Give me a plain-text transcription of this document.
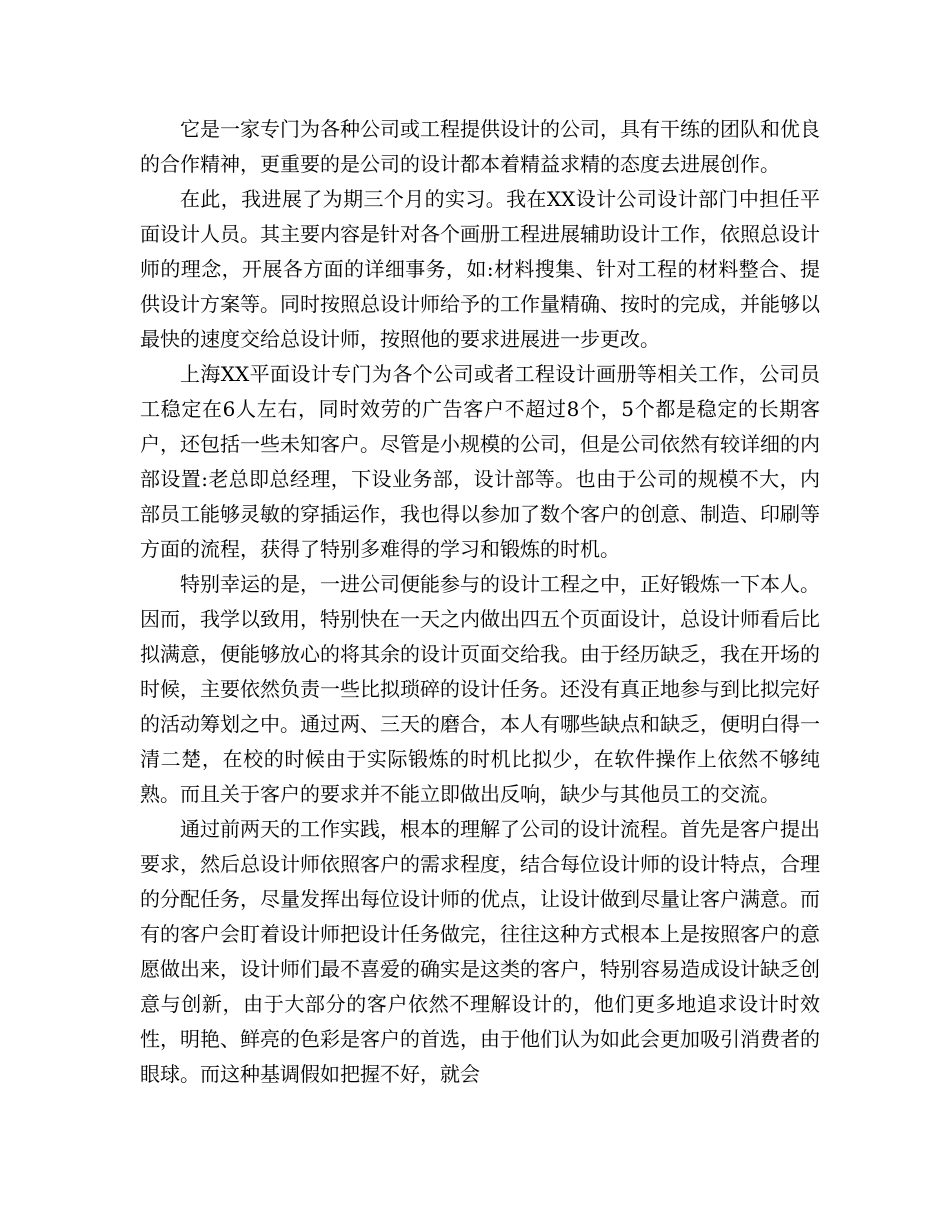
它是一家专门为各种公司或工程提供设计的公司，具有干练的团队和优良的合作精神，更重要的是公司的设计都本着精益求精的态度去进展创作。

在此，我进展了为期三个月的实习。我在XX设计公司设计部门中担任平面设计人员。其主要内容是针对各个画册工程进展辅助设计工作，依照总设计师的理念，开展各方面的详细事务，如:材料搜集、针对工程的材料整合、提供设计方案等。同时按照总设计师给予的工作量精确、按时的完成，并能够以最快的速度交给总设计师，按照他的要求进展进一步更改。

上海XX平面设计专门为各个公司或者工程设计画册等相关工作，公司员工稳定在6人左右，同时效劳的广告客户不超过8个，5个都是稳定的长期客户，还包括一些未知客户。尽管是小规模的公司，但是公司依然有较详细的内部设置:老总即总经理，下设业务部，设计部等。也由于公司的规模不大，内部员工能够灵敏的穿插运作，我也得以参加了数个客户的创意、制造、印刷等方面的流程，获得了特别多难得的学习和锻炼的时机。

特别幸运的是，一进公司便能参与的设计工程之中，正好锻炼一下本人。因而，我学以致用，特别快在一天之内做出四五个页面设计，总设计师看后比拟满意，便能够放心的将其余的设计页面交给我。由于经历缺乏，我在开场的时候，主要依然负责一些比拟琐碎的设计任务。还没有真正地参与到比拟完好的活动筹划之中。通过两、三天的磨合，本人有哪些缺点和缺乏，便明白得一清二楚，在校的时候由于实际锻炼的时机比拟少，在软件操作上依然不够纯熟。而且关于客户的要求并不能立即做出反响，缺少与其他员工的交流。

通过前两天的工作实践，根本的理解了公司的设计流程。首先是客户提出要求，然后总设计师依照客户的需求程度，结合每位设计师的设计特点，合理的分配任务，尽量发挥出每位设计师的优点，让设计做到尽量让客户满意。而有的客户会盯着设计师把设计任务做完，往往这种方式根本上是按照客户的意愿做出来，设计师们最不喜爱的确实是这类的客户，特别容易造成设计缺乏创意与创新，由于大部分的客户依然不理解设计的，他们更多地追求设计时效性，明艳、鲜亮的色彩是客户的首选，由于他们认为如此会更加吸引消费者的眼球。而这种基调假如把握不好，就会
